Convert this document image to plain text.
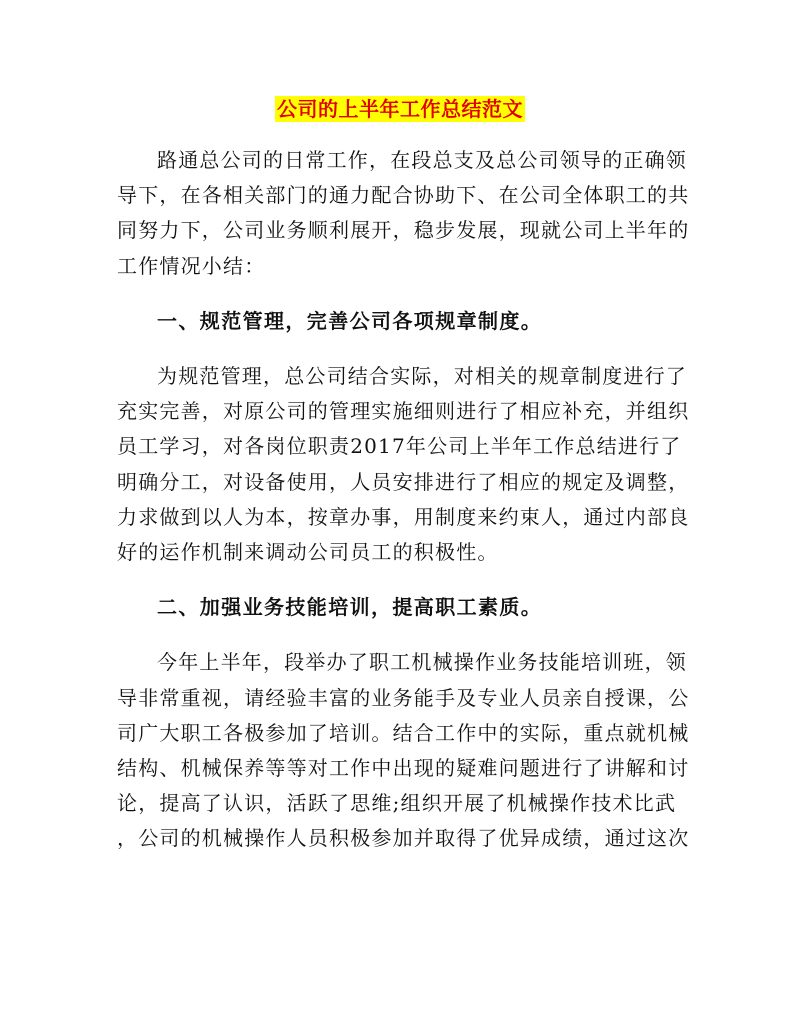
公司的上半年工作总结范文

路通总公司的日常工作，在段总支及总公司领导的正确领
导下，在各相关部门的通力配合协助下、在公司全体职工的共
同努力下，公司业务顺利展开，稳步发展，现就公司上半年的
工作情况小结：

一、规范管理，完善公司各项规章制度。

为规范管理，总公司结合实际，对相关的规章制度进行了
充实完善，对原公司的管理实施细则进行了相应补充，并组织
员工学习，对各岗位职责2017年公司上半年工作总结进行了
明确分工，对设备使用，人员安排进行了相应的规定及调整，
力求做到以人为本，按章办事，用制度来约束人，通过内部良
好的运作机制来调动公司员工的积极性。

二、加强业务技能培训，提高职工素质。

今年上半年，段举办了职工机械操作业务技能培训班，领
导非常重视，请经验丰富的业务能手及专业人员亲自授课，公
司广大职工各极参加了培训。结合工作中的实际，重点就机械
结构、机械保养等等对工作中出现的疑难问题进行了讲解和讨
论，提高了认识，活跃了思维;组织开展了机械操作技术比武
，公司的机械操作人员积极参加并取得了优异成绩，通过这次
